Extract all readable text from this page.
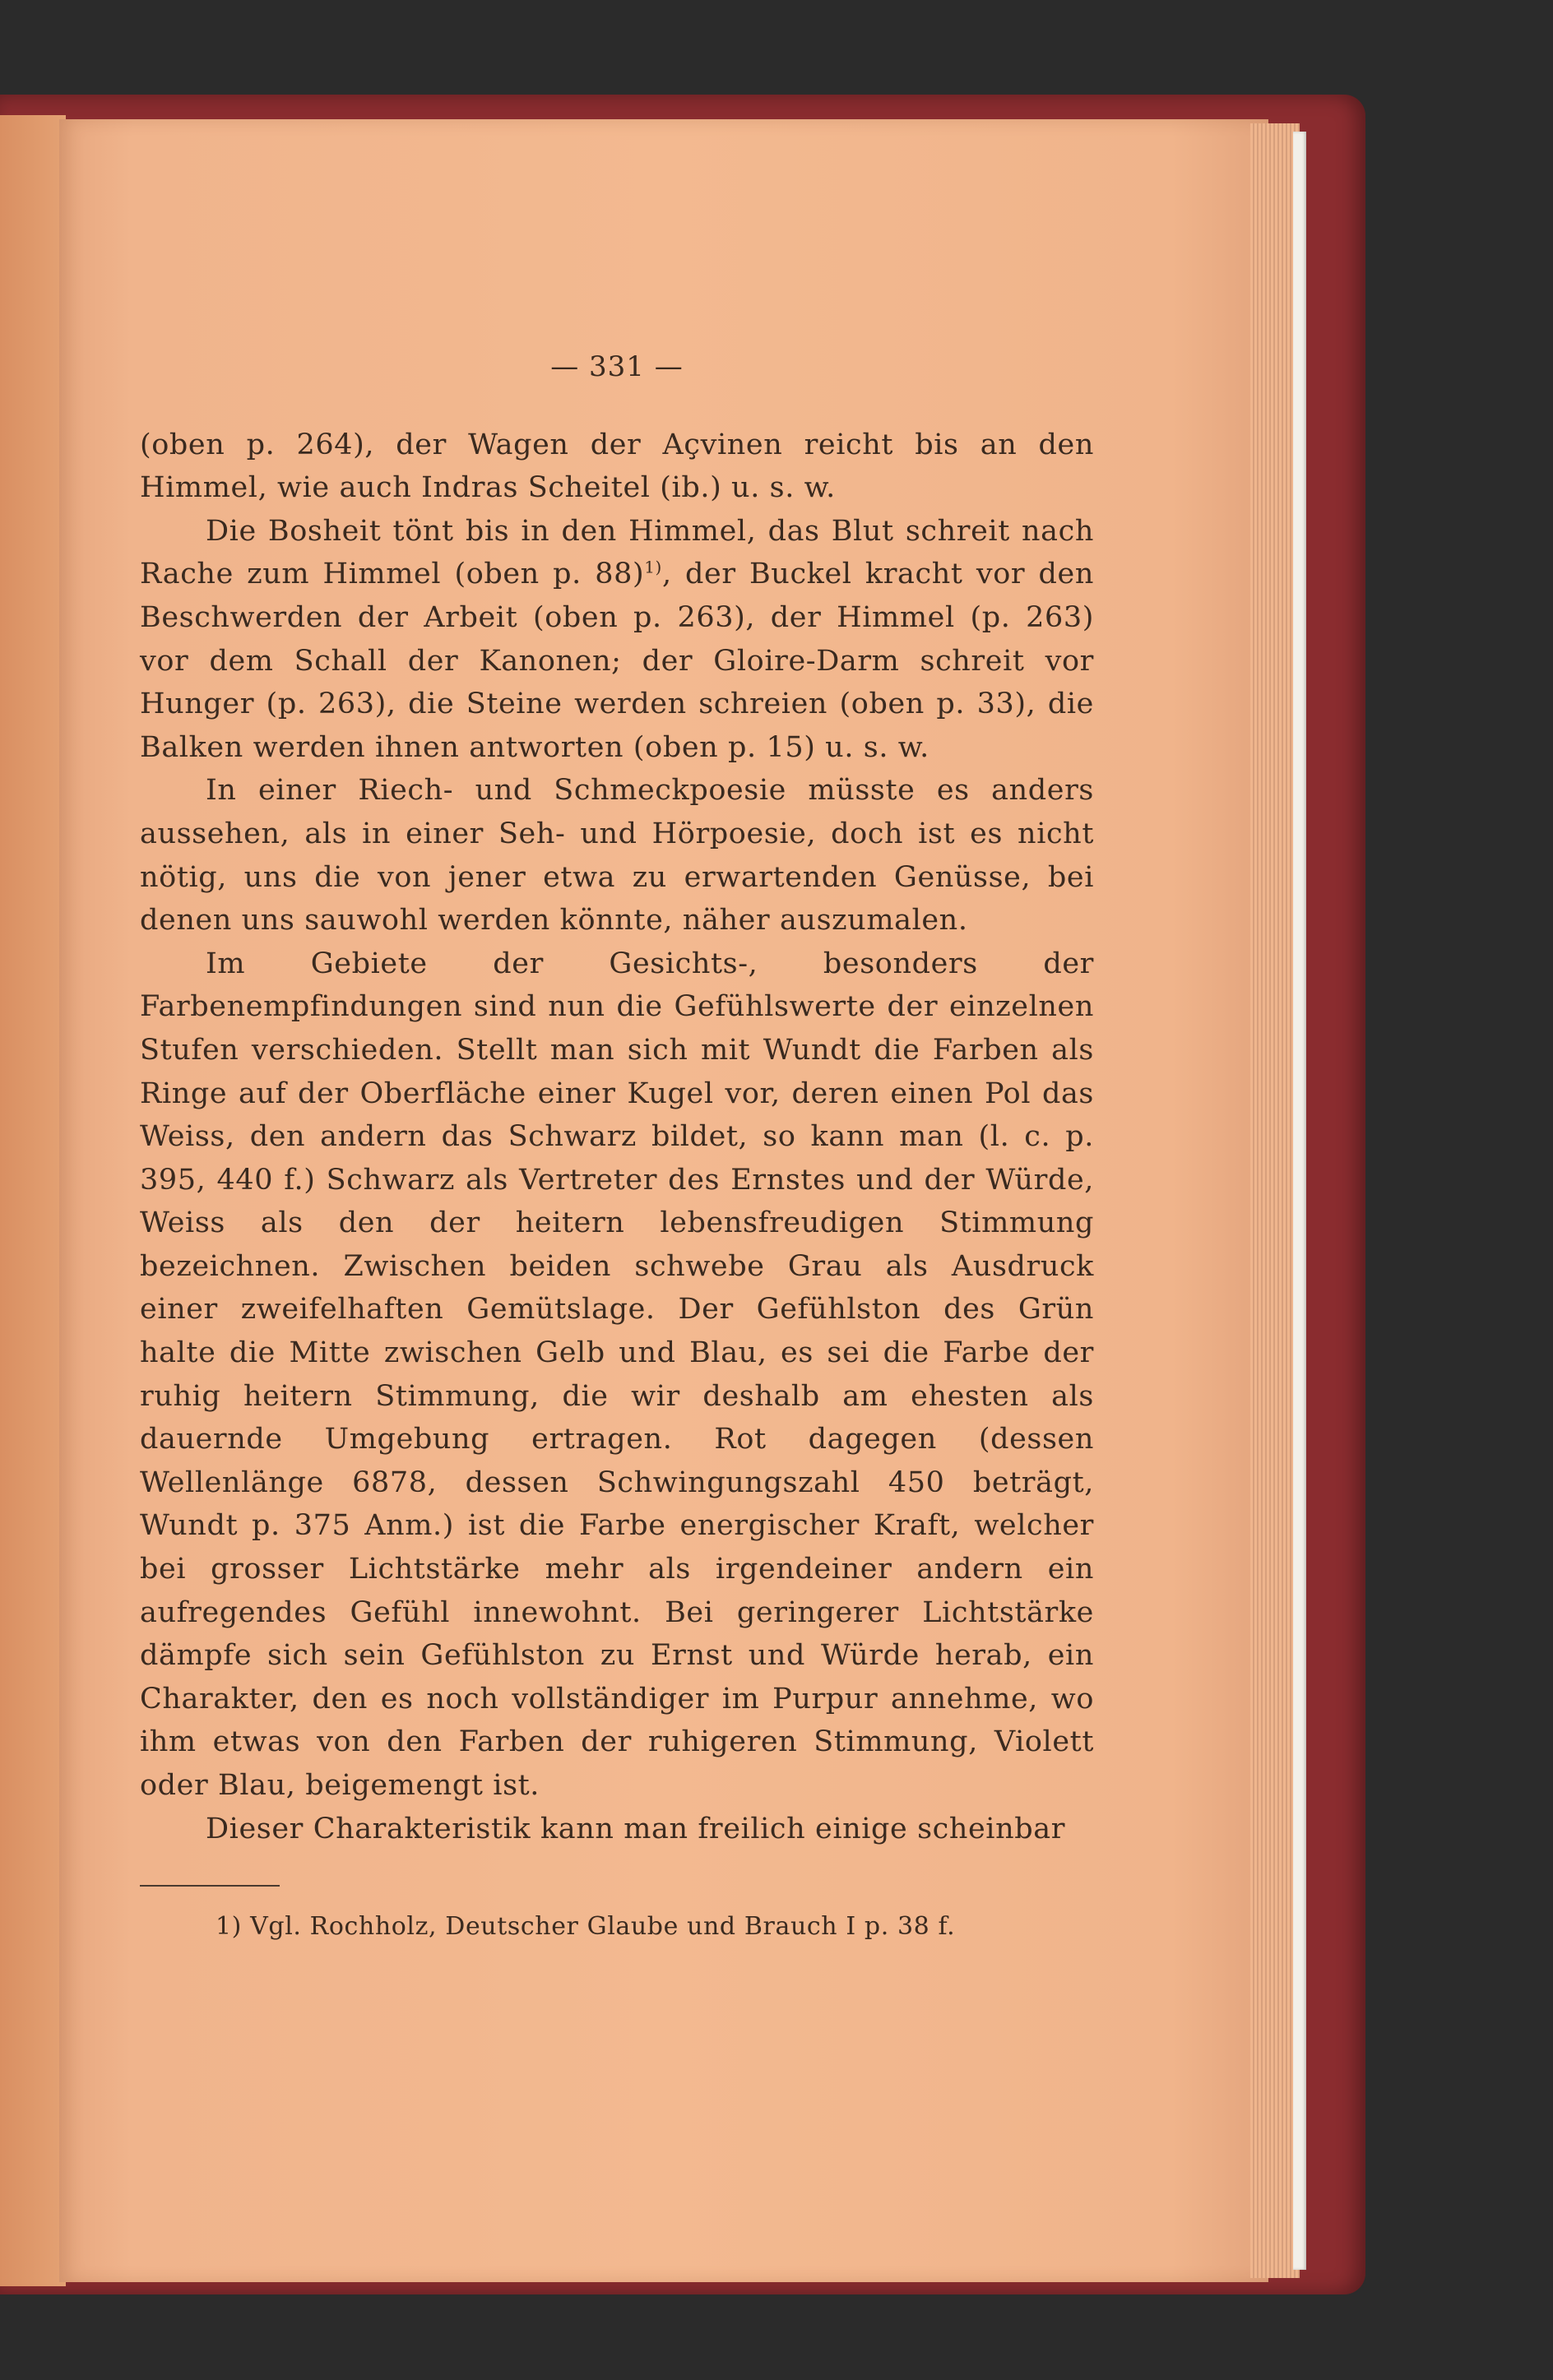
— 331 —

(oben p. 264), der Wagen der Açvinen reicht bis an den Himmel, wie auch Indras Scheitel (ib.) u. s. w.

Die Bosheit tönt bis in den Himmel, das Blut schreit nach Rache zum Himmel (oben p. 88)$^{1)}$, der Buckel kracht vor den Beschwerden der Arbeit (oben p. 263), der Himmel (p. 263) vor dem Schall der Kanonen; der Gloire-Darm schreit vor Hunger (p. 263), die Steine werden schreien (oben p. 33), die Balken werden ihnen antworten (oben p. 15) u. s. w.

In einer Riech- und Schmeckpoesie müsste es anders aussehen, als in einer Seh- und Hörpoesie, doch ist es nicht nötig, uns die von jener etwa zu erwartenden Genüsse, bei denen uns sauwohl werden könnte, näher auszumalen.

Im Gebiete der Gesichts-, besonders der Farbenempfindungen sind nun die Gefühlswerte der einzelnen Stufen verschieden. Stellt man sich mit Wundt die Farben als Ringe auf der Oberfläche einer Kugel vor, deren einen Pol das Weiss, den andern das Schwarz bildet, so kann man (l. c. p. 395, 440 f.) Schwarz als Vertreter des Ernstes und der Würde, Weiss als den der heitern lebensfreudigen Stimmung bezeichnen. Zwischen beiden schwebe Grau als Ausdruck einer zweifelhaften Gemütslage. Der Gefühlston des Grün halte die Mitte zwischen Gelb und Blau, es sei die Farbe der ruhig heitern Stimmung, die wir deshalb am ehesten als dauernde Umgebung ertragen. Rot dagegen (dessen Wellenlänge 6878, dessen Schwingungszahl 450 beträgt, Wundt p. 375 Anm.) ist die Farbe energischer Kraft, welcher bei grosser Lichtstärke mehr als irgendeiner andern ein aufregendes Gefühl innewohnt. Bei geringerer Lichtstärke dämpfe sich sein Gefühlston zu Ernst und Würde herab, ein Charakter, den es noch vollständiger im Purpur annehme, wo ihm etwas von den Farben der ruhigeren Stimmung, Violett oder Blau, beigemengt ist.

Dieser Charakteristik kann man freilich einige scheinbar

1) Vgl. Rochholz, Deutscher Glaube und Brauch I p. 38 f.
